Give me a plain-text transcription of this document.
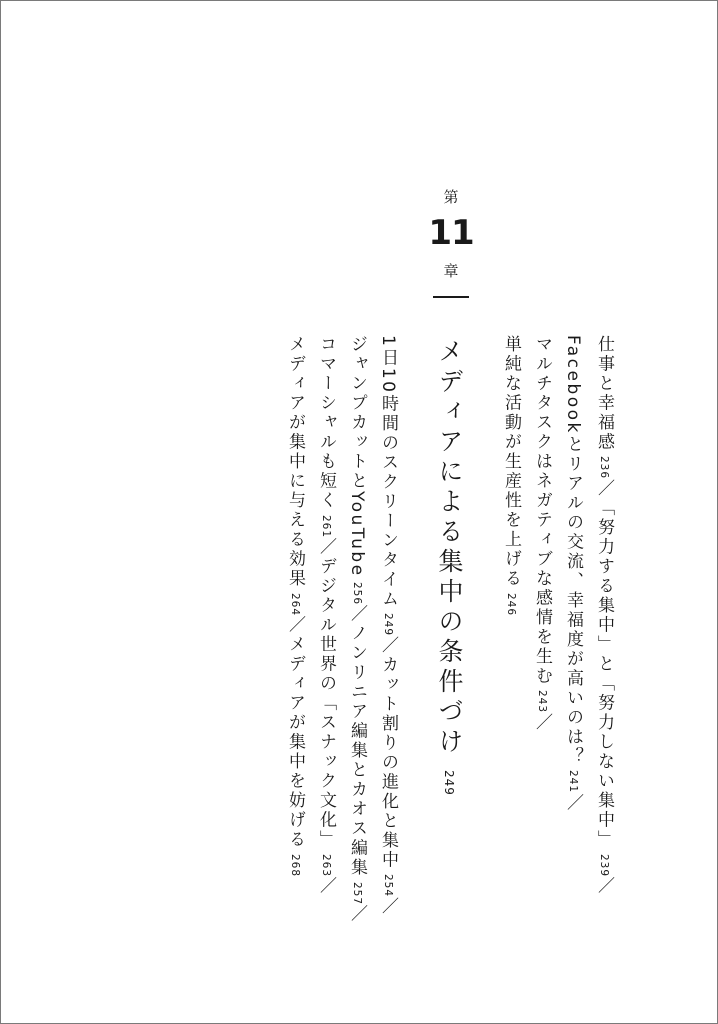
第
11
章
仕事と幸福感236／「努力する集中」と「努力しない集中」239／
Facebookとリアルの交流、幸福度が高いのは？241／
マルチタスクはネガティブな感情を生む243／
単純な活動が生産性を上げる246
メディアによる集中の条件づけ249
1日10時間のスクリーンタイム249／カット割りの進化と集中254／
ジャンプカットとYouTube256／ノンリニア編集とカオス編集257／
コマーシャルも短く261／デジタル世界の「スナック文化」263／
メディアが集中に与える効果264／メディアが集中を妨げる268
